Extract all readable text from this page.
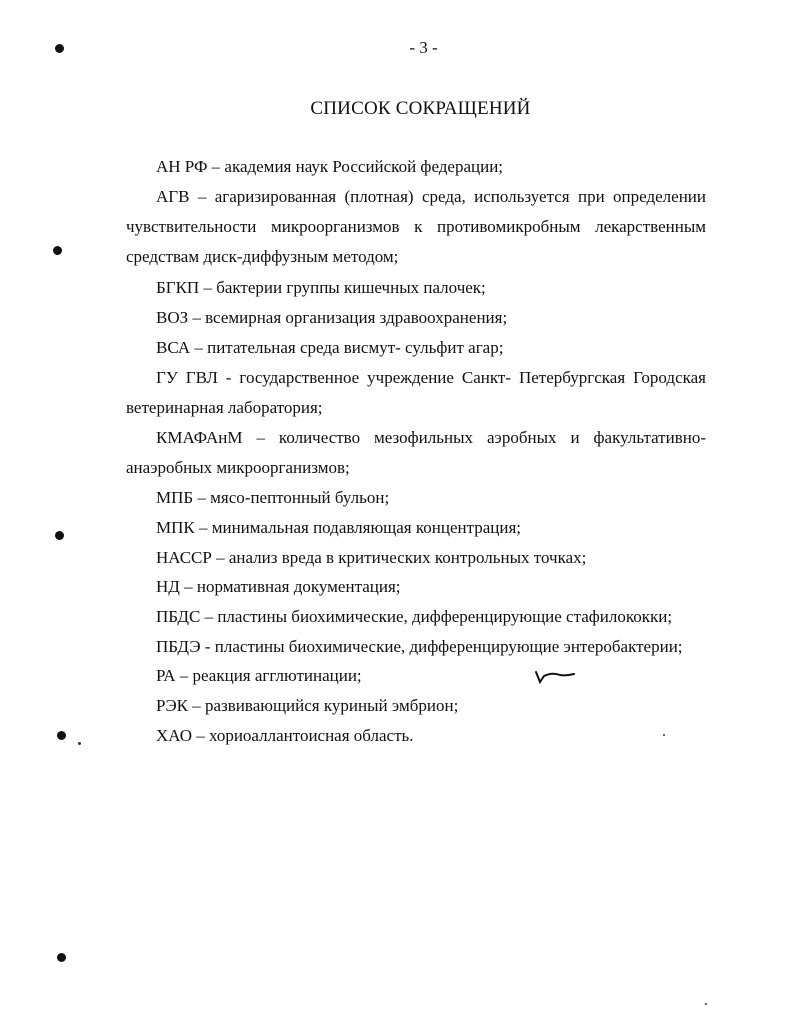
- 3 -
СПИСОК СОКРАЩЕНИЙ
АН РФ – академия наук Российской федерации;
АГВ – агаризированная (плотная) среда, используется при определении
чувствительности микроорганизмов к противомикробным лекарственным
средствам диск-диффузным методом;
БГКП – бактерии группы кишечных палочек;
ВОЗ – всемирная организация здравоохранения;
ВСА – питательная среда висмут- сульфит агар;
ГУ ГВЛ - государственное учреждение Санкт- Петербургская Городская
ветеринарная лаборатория;
КМАФАнМ – количество мезофильных аэробных и факультативно-
анаэробных микроорганизмов;
МПБ – мясо-пептонный бульон;
МПК – минимальная подавляющая концентрация;
НАССР – анализ вреда в критических контрольных точках;
НД – нормативная документация;
ПБДС – пластины биохимические, дифференцирующие стафилококки;
ПБДЭ - пластины биохимические, дифференцирующие энтеробактерии;
РА – реакция агглютинации;
РЭК – развивающийся куриный эмбрион;
ХАО – хориоаллантоисная область.
